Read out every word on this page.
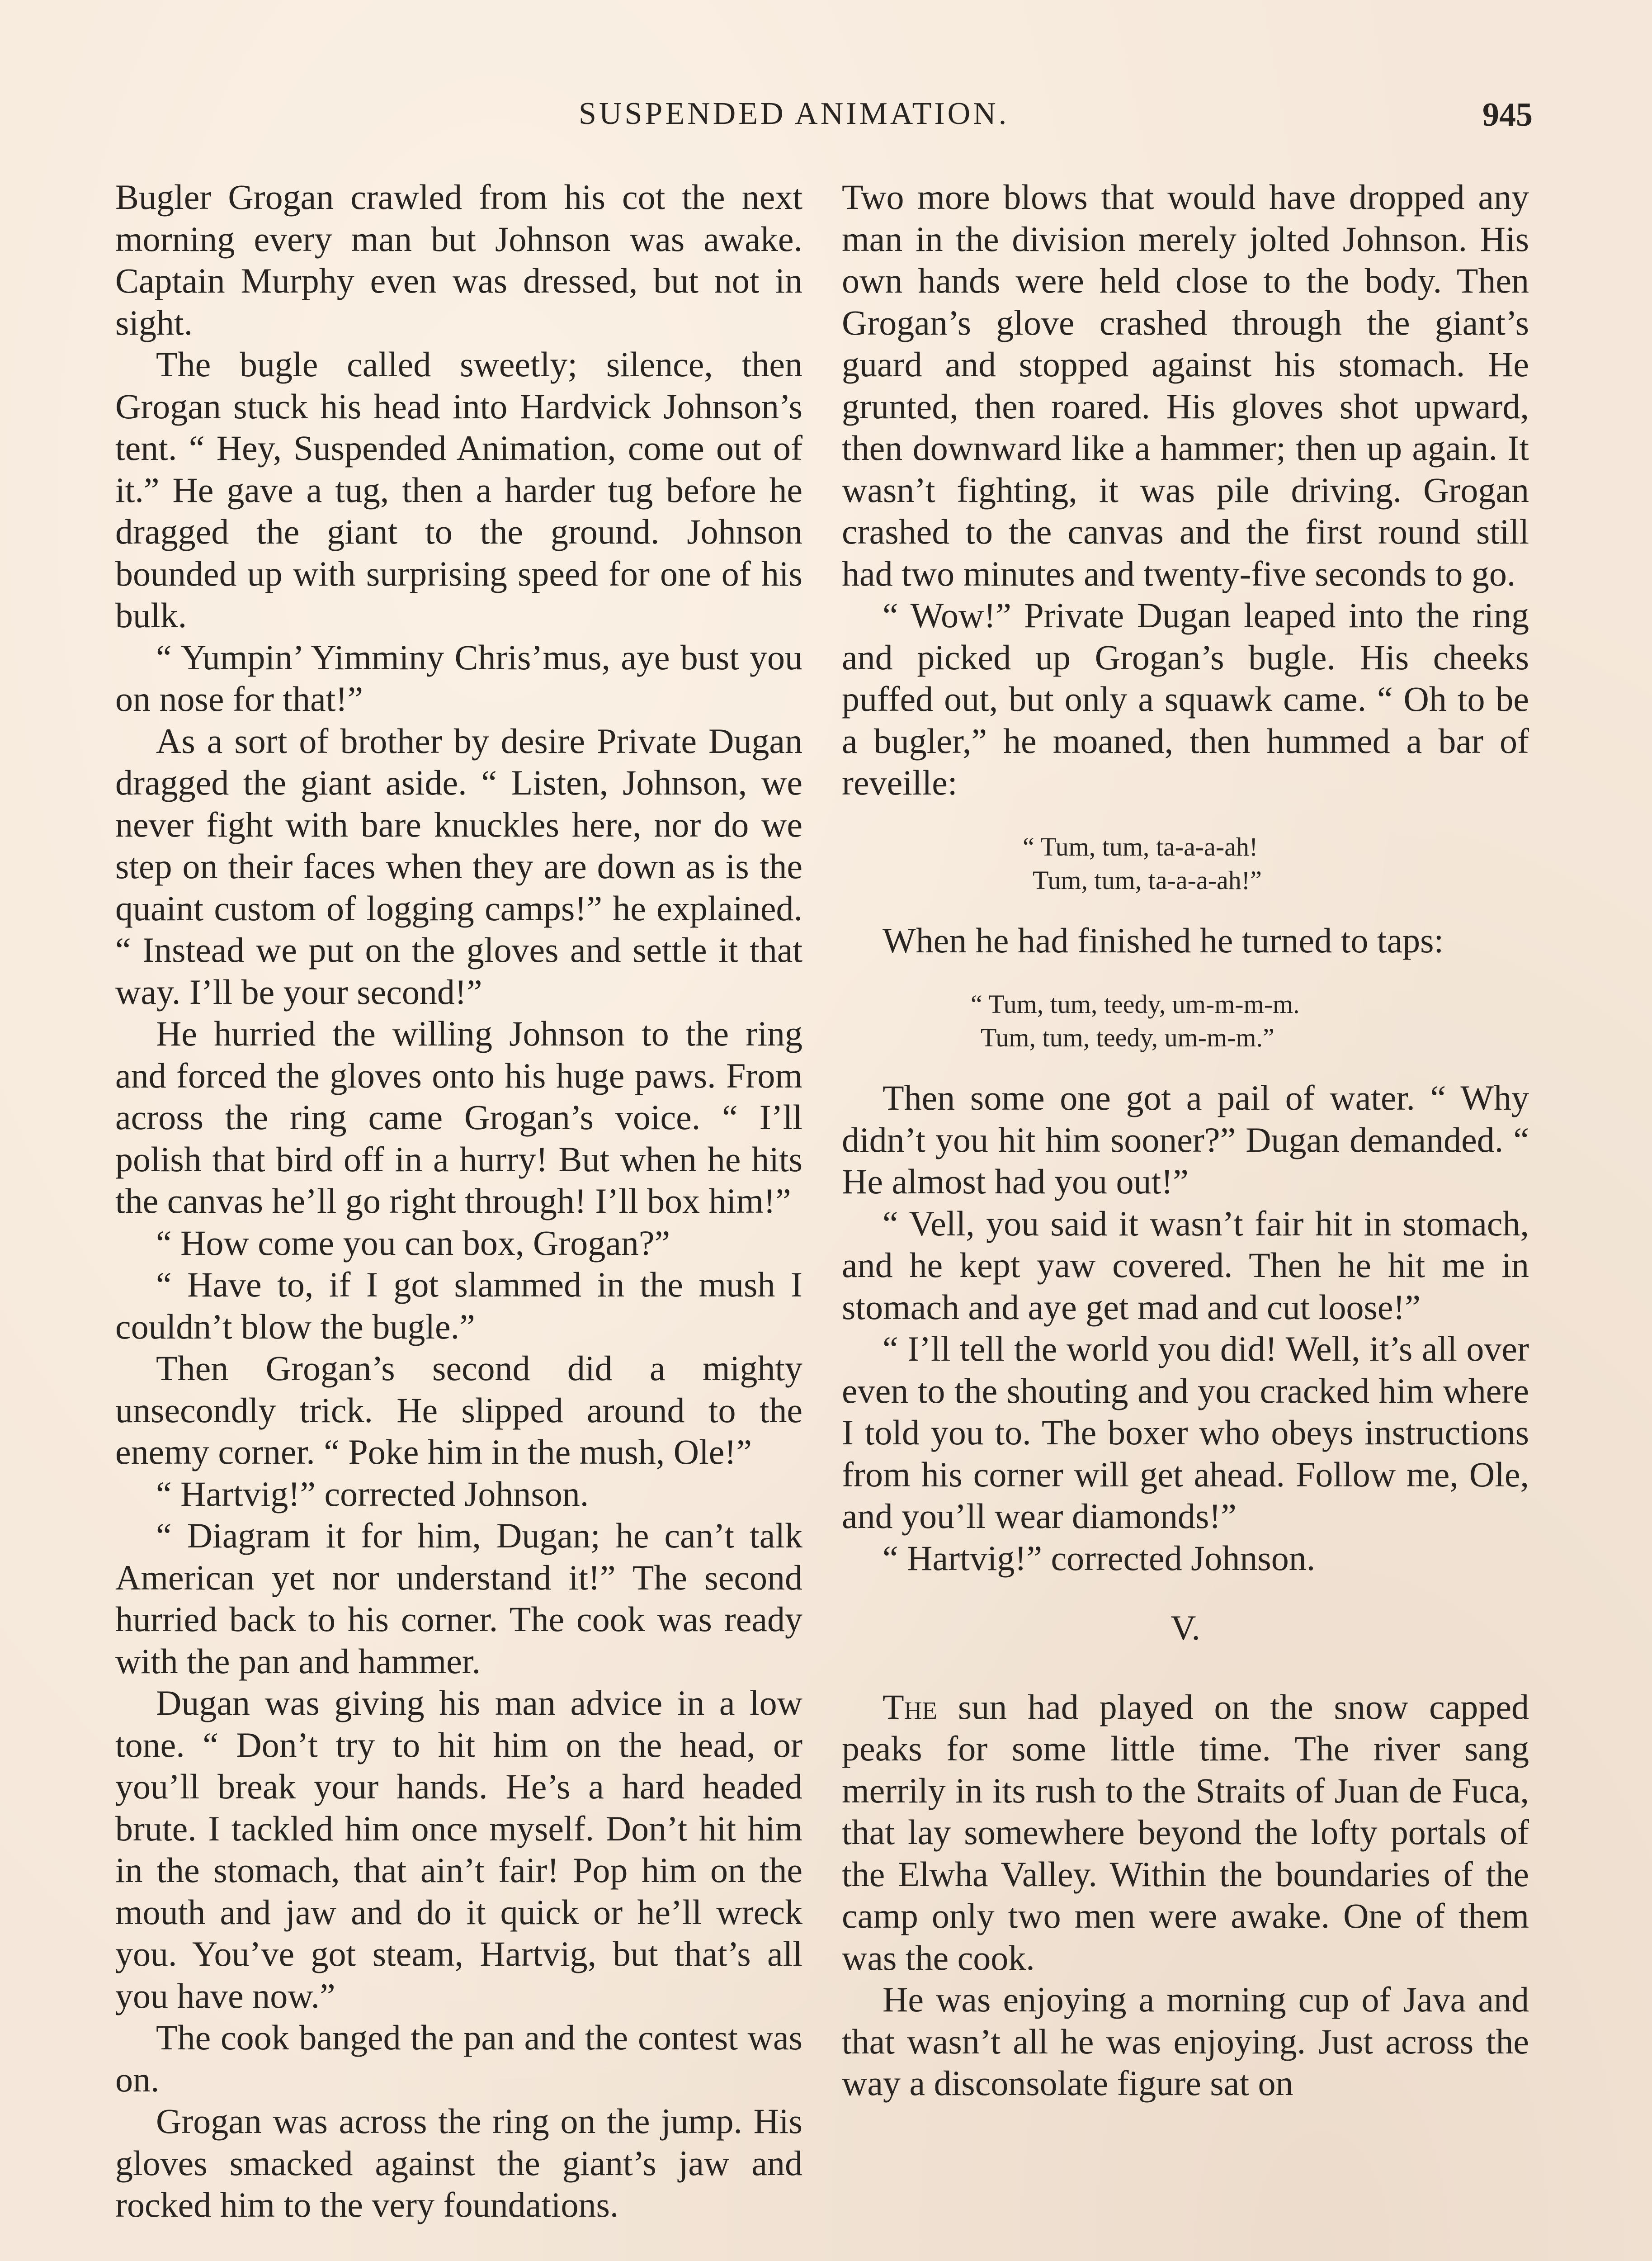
SUSPENDED ANIMATION.	945

Bugler Grogan crawled from his cot the next morning every man but Johnson was awake. Captain Murphy even was dressed, but not in sight.

The bugle called sweetly; silence, then Grogan stuck his head into Hardvick Johnson’s tent. “ Hey, Suspended Animation, come out of it.” He gave a tug, then a harder tug before he dragged the giant to the ground. Johnson bounded up with surprising speed for one of his bulk.

“ Yumpin’ Yimminy Chris’mus, aye bust you on nose for that!”

As a sort of brother by desire Private Dugan dragged the giant aside. “ Listen, Johnson, we never fight with bare knuckles here, nor do we step on their faces when they are down as is the quaint custom of logging camps!” he explained. “ Instead we put on the gloves and settle it that way. I’ll be your second!”

He hurried the willing Johnson to the ring and forced the gloves onto his huge paws. From across the ring came Grogan’s voice. “ I’ll polish that bird off in a hurry! But when he hits the canvas he’ll go right through! I’ll box him!”

“ How come you can box, Grogan?”

“ Have to, if I got slammed in the mush I couldn’t blow the bugle.”

Then Grogan’s second did a mighty unsecondly trick. He slipped around to the enemy corner. “ Poke him in the mush, Ole!”

“ Hartvig!” corrected Johnson.

“ Diagram it for him, Dugan; he can’t talk American yet nor understand it!” The second hurried back to his corner. The cook was ready with the pan and hammer.

Dugan was giving his man advice in a low tone. “ Don’t try to hit him on the head, or you’ll break your hands. He’s a hard headed brute. I tackled him once myself. Don’t hit him in the stomach, that ain’t fair! Pop him on the mouth and jaw and do it quick or he’ll wreck you. You’ve got steam, Hartvig, but that’s all you have now.”

The cook banged the pan and the contest was on.

Grogan was across the ring on the jump. His gloves smacked against the giant’s jaw and rocked him to the very foundations.

Two more blows that would have dropped any man in the division merely jolted Johnson. His own hands were held close to the body. Then Grogan’s glove crashed through the giant’s guard and stopped against his stomach. He grunted, then roared. His gloves shot upward, then downward like a hammer; then up again. It wasn’t fighting, it was pile driving. Grogan crashed to the canvas and the first round still had two minutes and twenty-five seconds to go.

“ Wow!” Private Dugan leaped into the ring and picked up Grogan’s bugle. His cheeks puffed out, but only a squawk came. “ Oh to be a bugler,” he moaned, then hummed a bar of reveille:

“ Tum, tum, ta-a-a-ah!
Tum, tum, ta-a-a-ah!”

When he had finished he turned to taps:

“ Tum, tum, teedy, um-m-m-m.
Tum, tum, teedy, um-m-m.”

Then some one got a pail of water. “ Why didn’t you hit him sooner?” Dugan demanded. “ He almost had you out!”

“ Vell, you said it wasn’t fair hit in stomach, and he kept yaw covered. Then he hit me in stomach and aye get mad and cut loose!”

“ I’ll tell the world you did! Well, it’s all over even to the shouting and you cracked him where I told you to. The boxer who obeys instructions from his corner will get ahead. Follow me, Ole, and you’ll wear diamonds!”

“ Hartvig!” corrected Johnson.

V.

The sun had played on the snow capped peaks for some little time. The river sang merrily in its rush to the Straits of Juan de Fuca, that lay somewhere beyond the lofty portals of the Elwha Valley. Within the boundaries of the camp only two men were awake. One of them was the cook.

He was enjoying a morning cup of Java and that wasn’t all he was enjoying. Just across the way a disconsolate figure sat on
